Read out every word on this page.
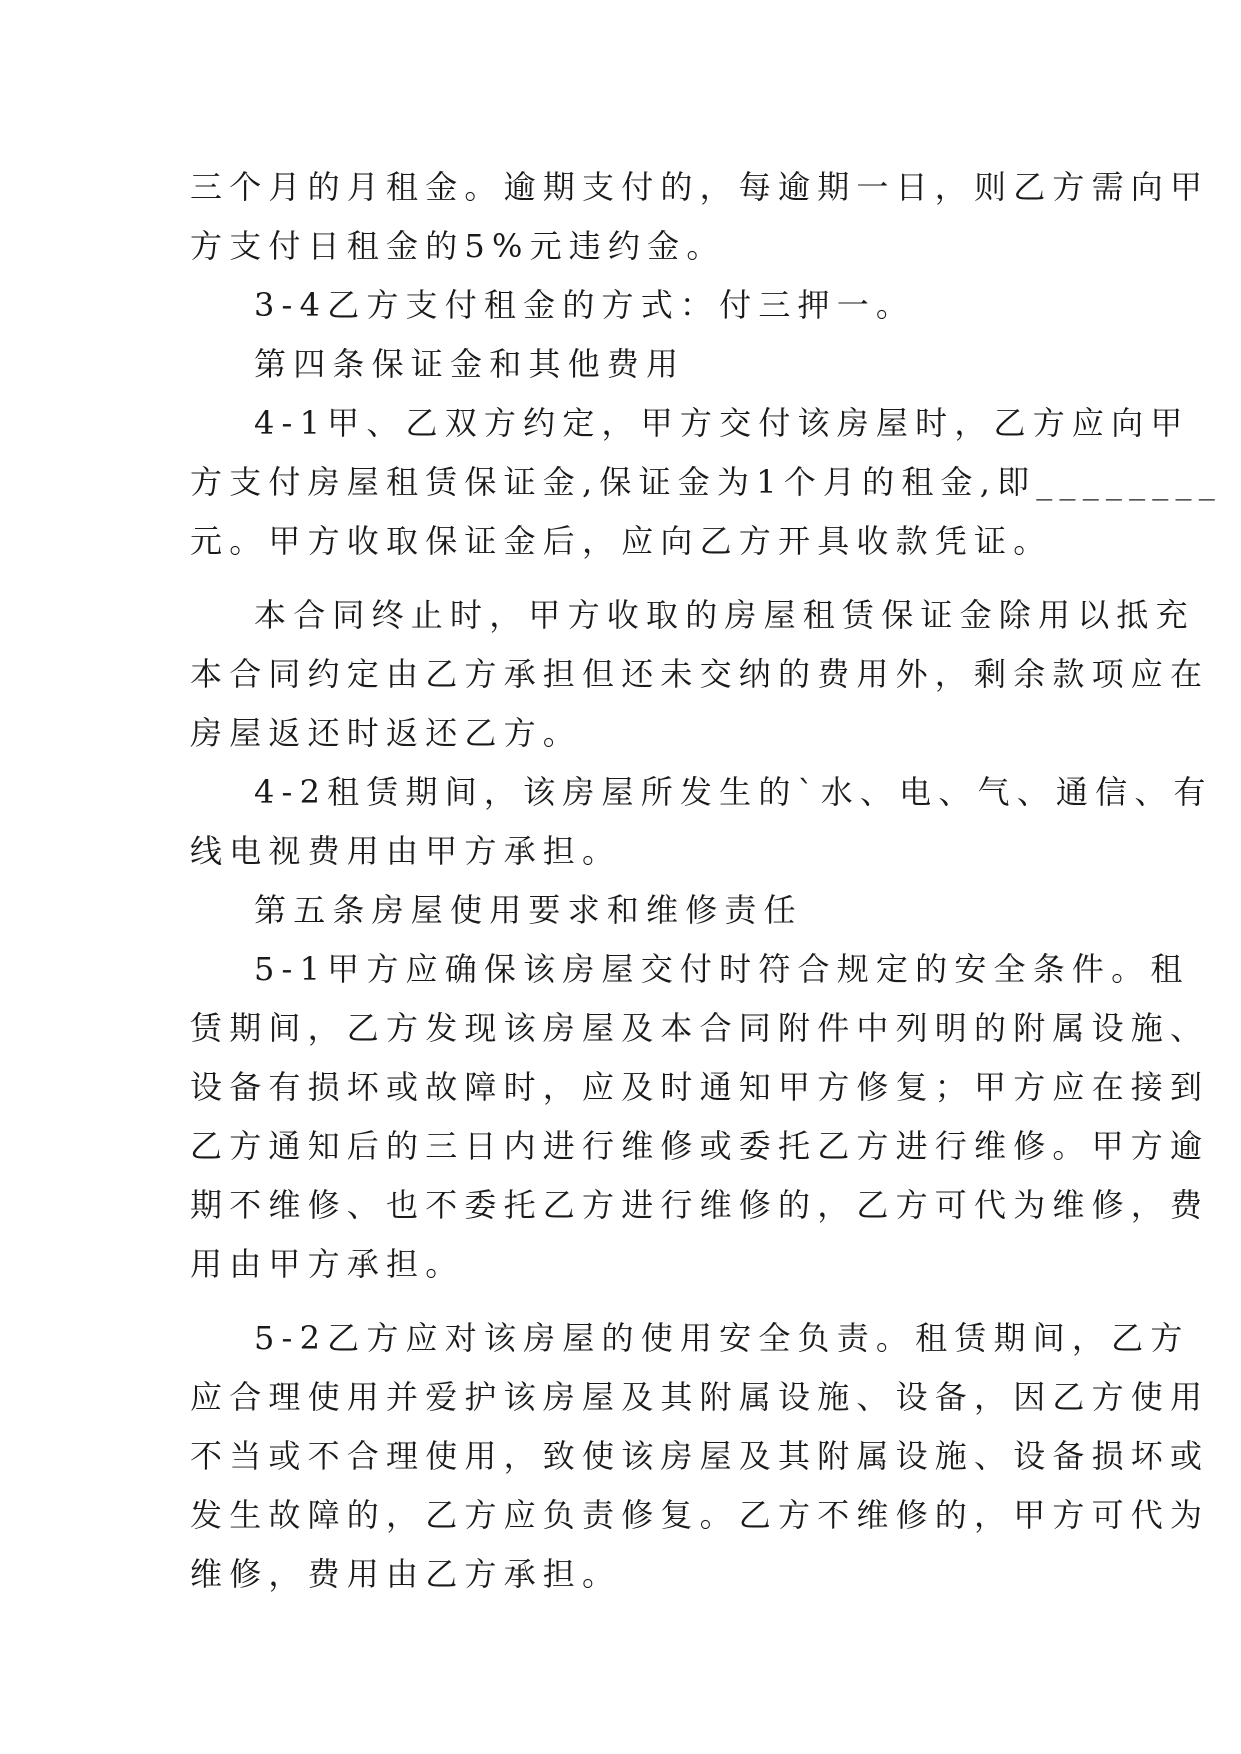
三个月的月租金。逾期支付的，每逾期一日，则乙方需向甲
方支付日租金的5%元违约金。
3-4乙方支付租金的方式：付三押一。
第四条保证金和其他费用
4-1甲、乙双方约定，甲方交付该房屋时，乙方应向甲
方支付房屋租赁保证金,保证金为1个月的租金,即________
元。甲方收取保证金后，应向乙方开具收款凭证。
本合同终止时，甲方收取的房屋租赁保证金除用以抵充
本合同约定由乙方承担但还未交纳的费用外，剩余款项应在
房屋返还时返还乙方。
4-2租赁期间，该房屋所发生的`水、电、气、通信、有
线电视费用由甲方承担。
第五条房屋使用要求和维修责任
5-1甲方应确保该房屋交付时符合规定的安全条件。租
赁期间，乙方发现该房屋及本合同附件中列明的附属设施、
设备有损坏或故障时，应及时通知甲方修复；甲方应在接到
乙方通知后的三日内进行维修或委托乙方进行维修。甲方逾
期不维修、也不委托乙方进行维修的，乙方可代为维修，费
用由甲方承担。
5-2乙方应对该房屋的使用安全负责。租赁期间，乙方
应合理使用并爱护该房屋及其附属设施、设备，因乙方使用
不当或不合理使用，致使该房屋及其附属设施、设备损坏或
发生故障的，乙方应负责修复。乙方不维修的，甲方可代为
维修，费用由乙方承担。
